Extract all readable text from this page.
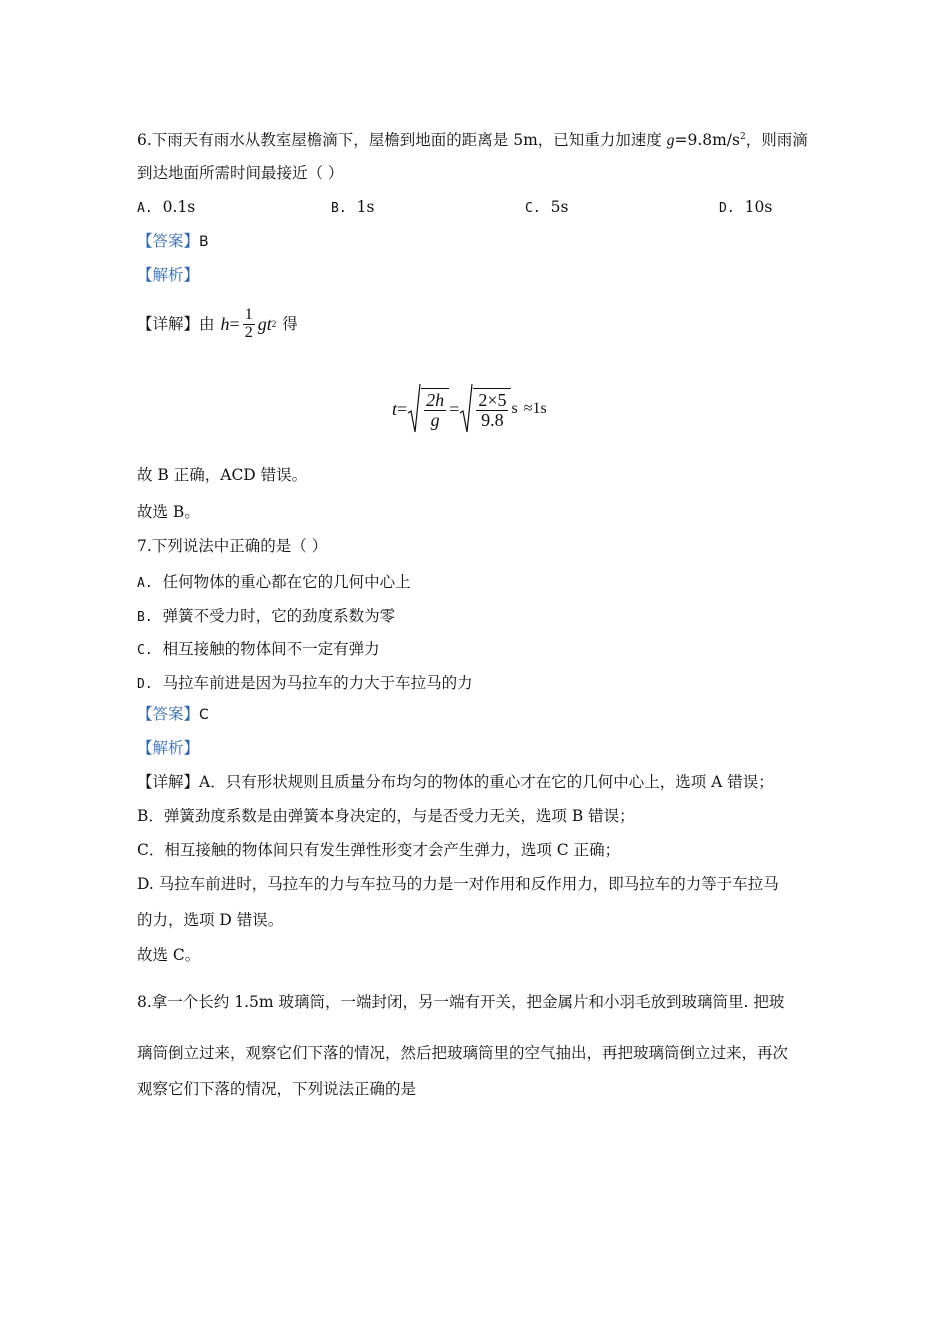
6.下雨天有雨水从教室屋檐滴下，屋檐到地面的距离是 5m，已知重力加速度 $g=9.8m/s^2$，则雨滴
到达地面所需时间最接近（ ）
A. 0.1s	B. 1s	C. 5s	D. 10s
【答案】B
【解析】
【详解】 由 $h = \frac{1}{2}$ g t 2 得
$t = \frac{2h}{g} = \frac{2\times 5}{9.8}$ s ≈1s
故 B 正确，ACD 错误。
故选 B。
7.下列说法中正确的是（ ）
A. 任何物体的重心都在它的几何中心上
B. 弹簧不受力时，它的劲度系数为零
C. 相互接触的物体间不一定有弹力
D. 马拉车前进是因为马拉车的力大于车拉马的力
【答案】C
【解析】
【详解】A．只有形状规则且质量分布均匀的物体的重心才在它的几何中心上，选项 A 错误；
B．弹簧劲度系数是由弹簧本身决定的，与是否受力无关，选项 B 错误；
C．相互接触的物体间只有发生弹性形变才会产生弹力，选项 C 正确；
D. 马拉车前进时，马拉车的力与车拉马的力是一对作用和反作用力，即马拉车的力等于车拉马
的力，选项 D 错误。
故选 C。
8.拿一个长约 1.5m 玻璃筒，一端封闭，另一端有开关，把金属片和小羽毛放到玻璃筒里. 把玻
璃筒倒立过来，观察它们下落的情况，然后把玻璃筒里的空气抽出，再把玻璃筒倒立过来，再次
观察它们下落的情况，下列说法正确的是
